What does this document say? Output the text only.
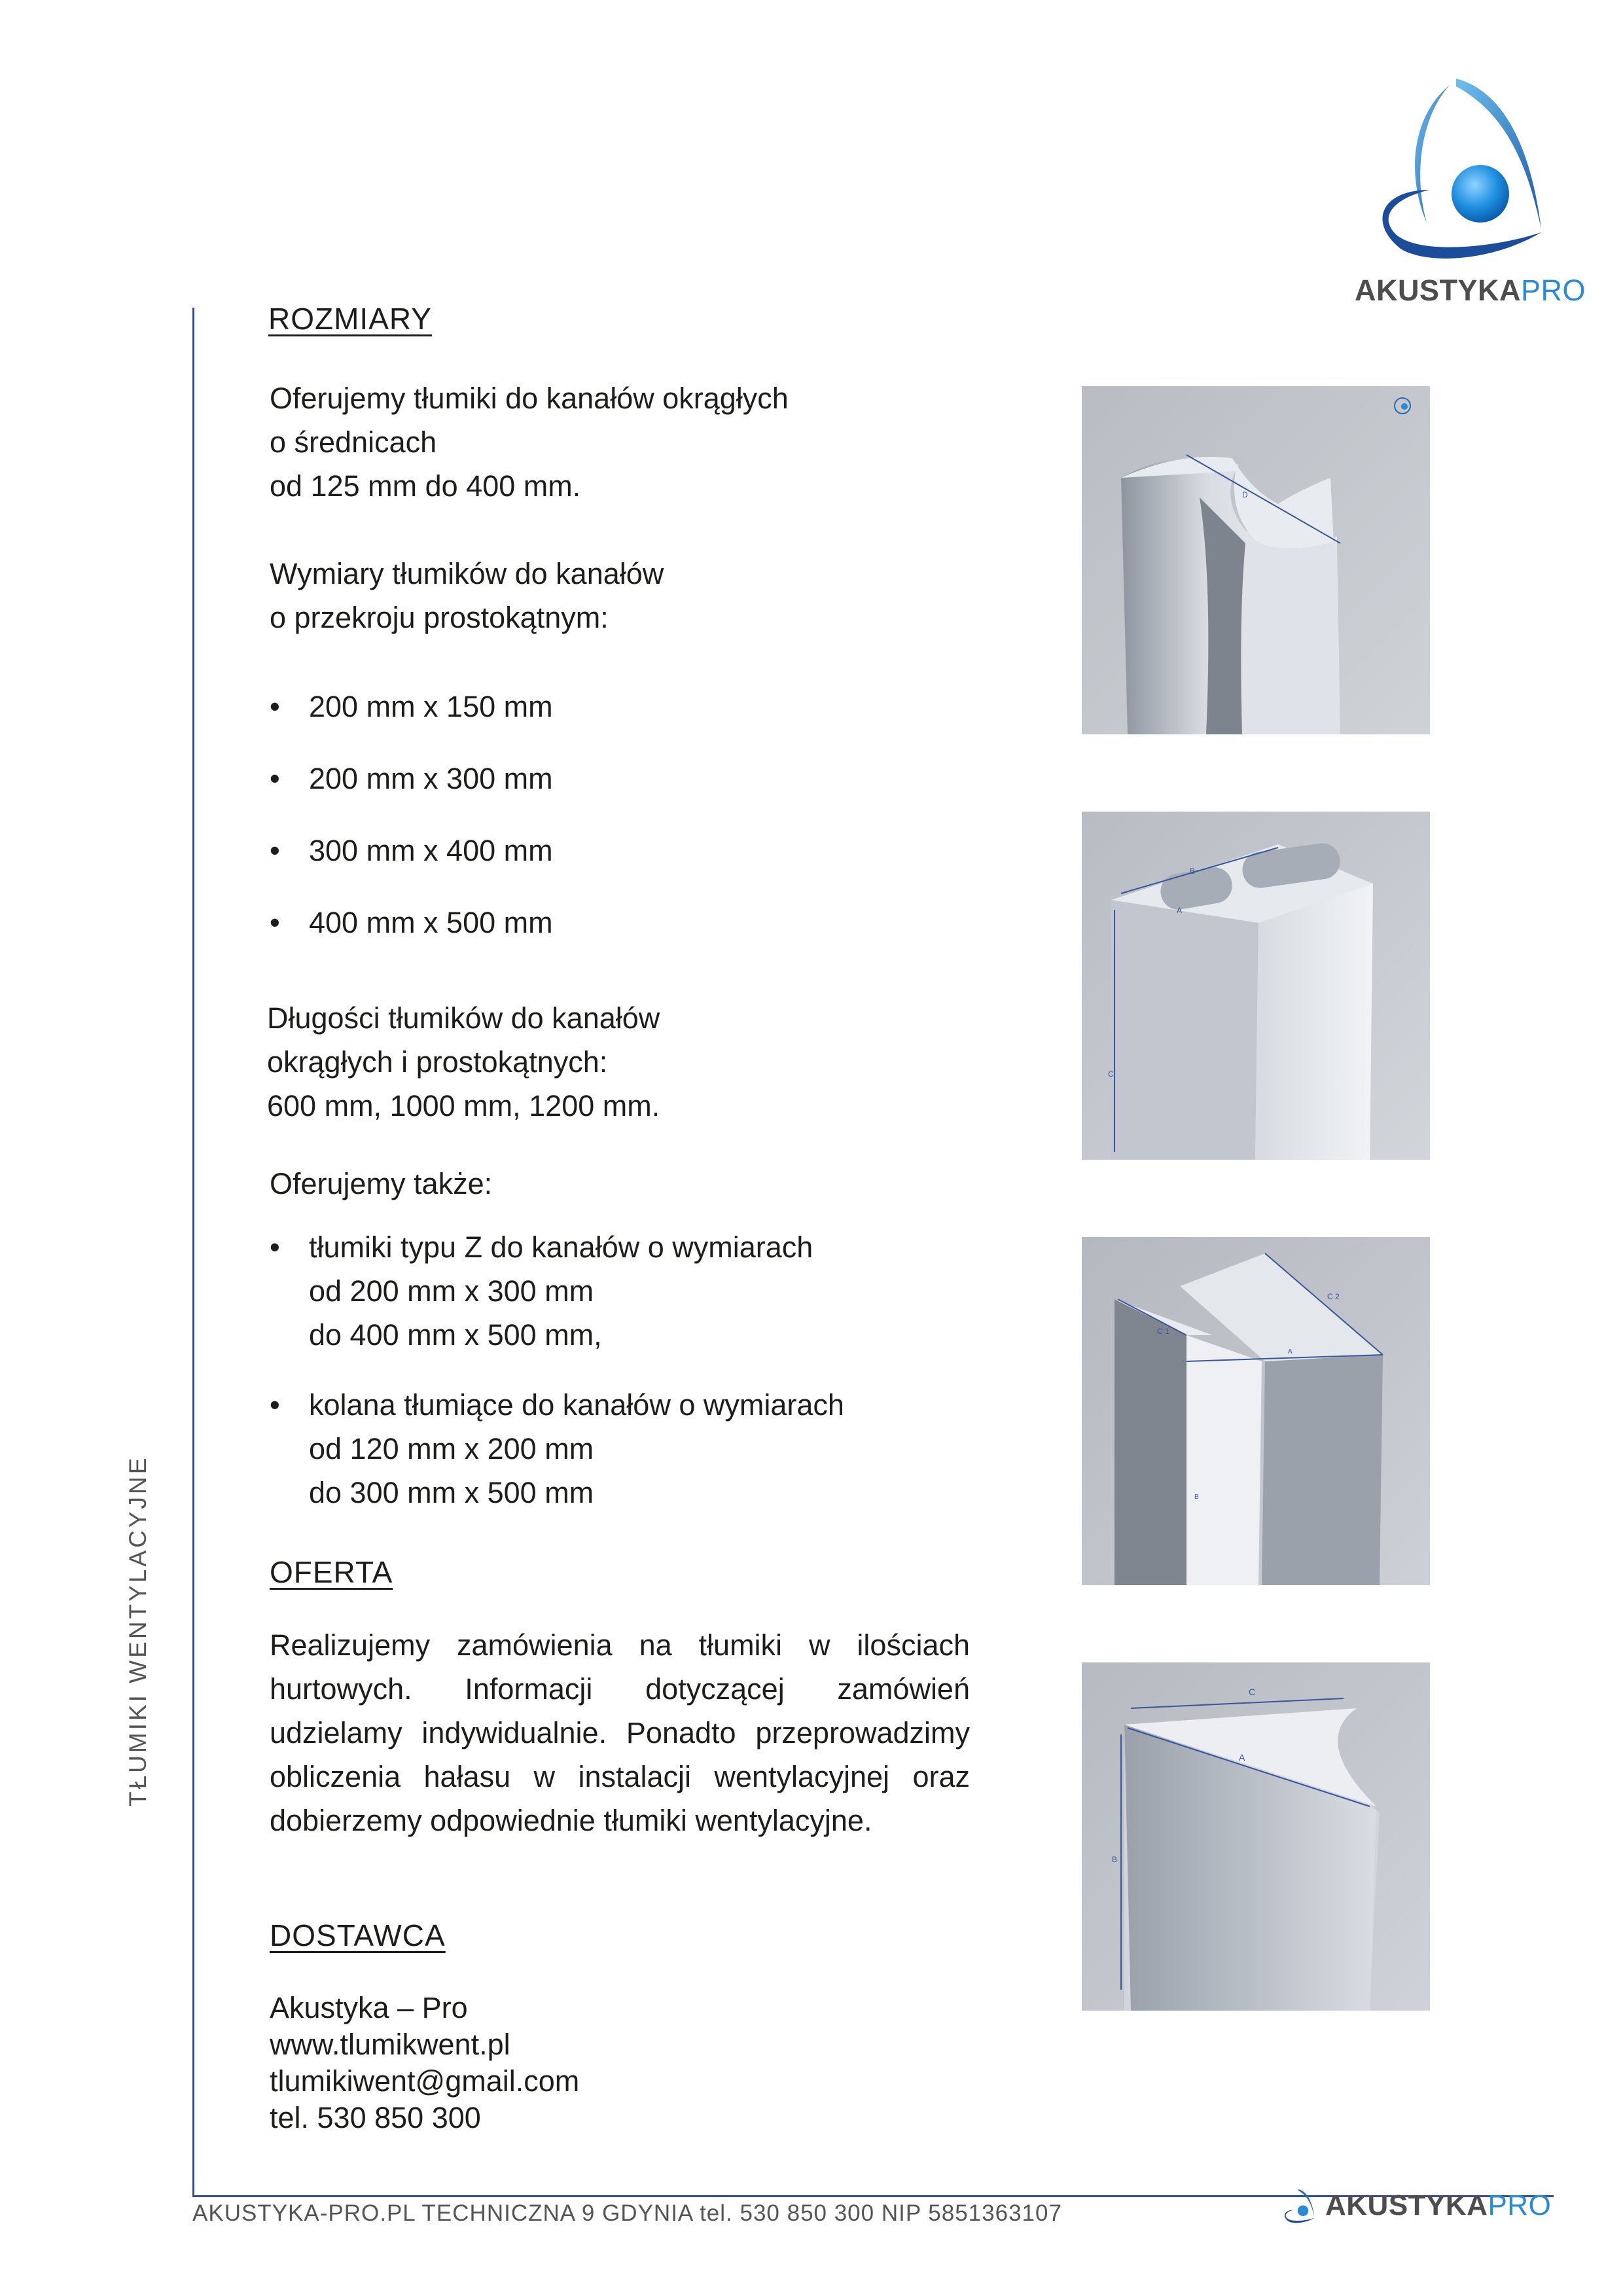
AKUSTYKAPRO
TŁUMIKI WENTYLACYJNE
ROZMIARY
Oferujemy tłumiki do kanałów okrągłych
o średnicach
od 125 mm do 400 mm.
Wymiary tłumików do kanałów
o przekroju prostokątnym:
• 200 mm x 150 mm
• 200 mm x 300 mm
• 300 mm x 400 mm
• 400 mm x 500 mm
Długości tłumików do kanałów
okrągłych i prostokątnych:
600 mm, 1000 mm, 1200 mm.
Oferujemy także:
• tłumiki typu Z do kanałów o wymiarach
od 200 mm x 300 mm
do 400 mm x 500 mm,
• kolana tłumiące do kanałów o wymiarach
od 120 mm x 200 mm
do 300 mm x 500 mm
OFERTA
Realizujemy zamówienia na tłumiki w ilościach hurtowych. Informacji dotyczącej zamówień udzielamy indywidualnie. Ponadto przeprowadzimy obliczenia hałasu w instalacji wentylacyjnej oraz dobierzemy odpowiednie tłumiki wentylacyjne.
DOSTAWCA
Akustyka – Pro
www.tlumikwent.pl
tlumikiwent@gmail.com
tel. 530 850 300
D
B
A
C
C 1
C 2
A
B
C
A
B
AKUSTYKA-PRO.PL TECHNICZNA 9 GDYNIA tel. 530 850 300 NIP 5851363107	AKUSTYKAPRO
